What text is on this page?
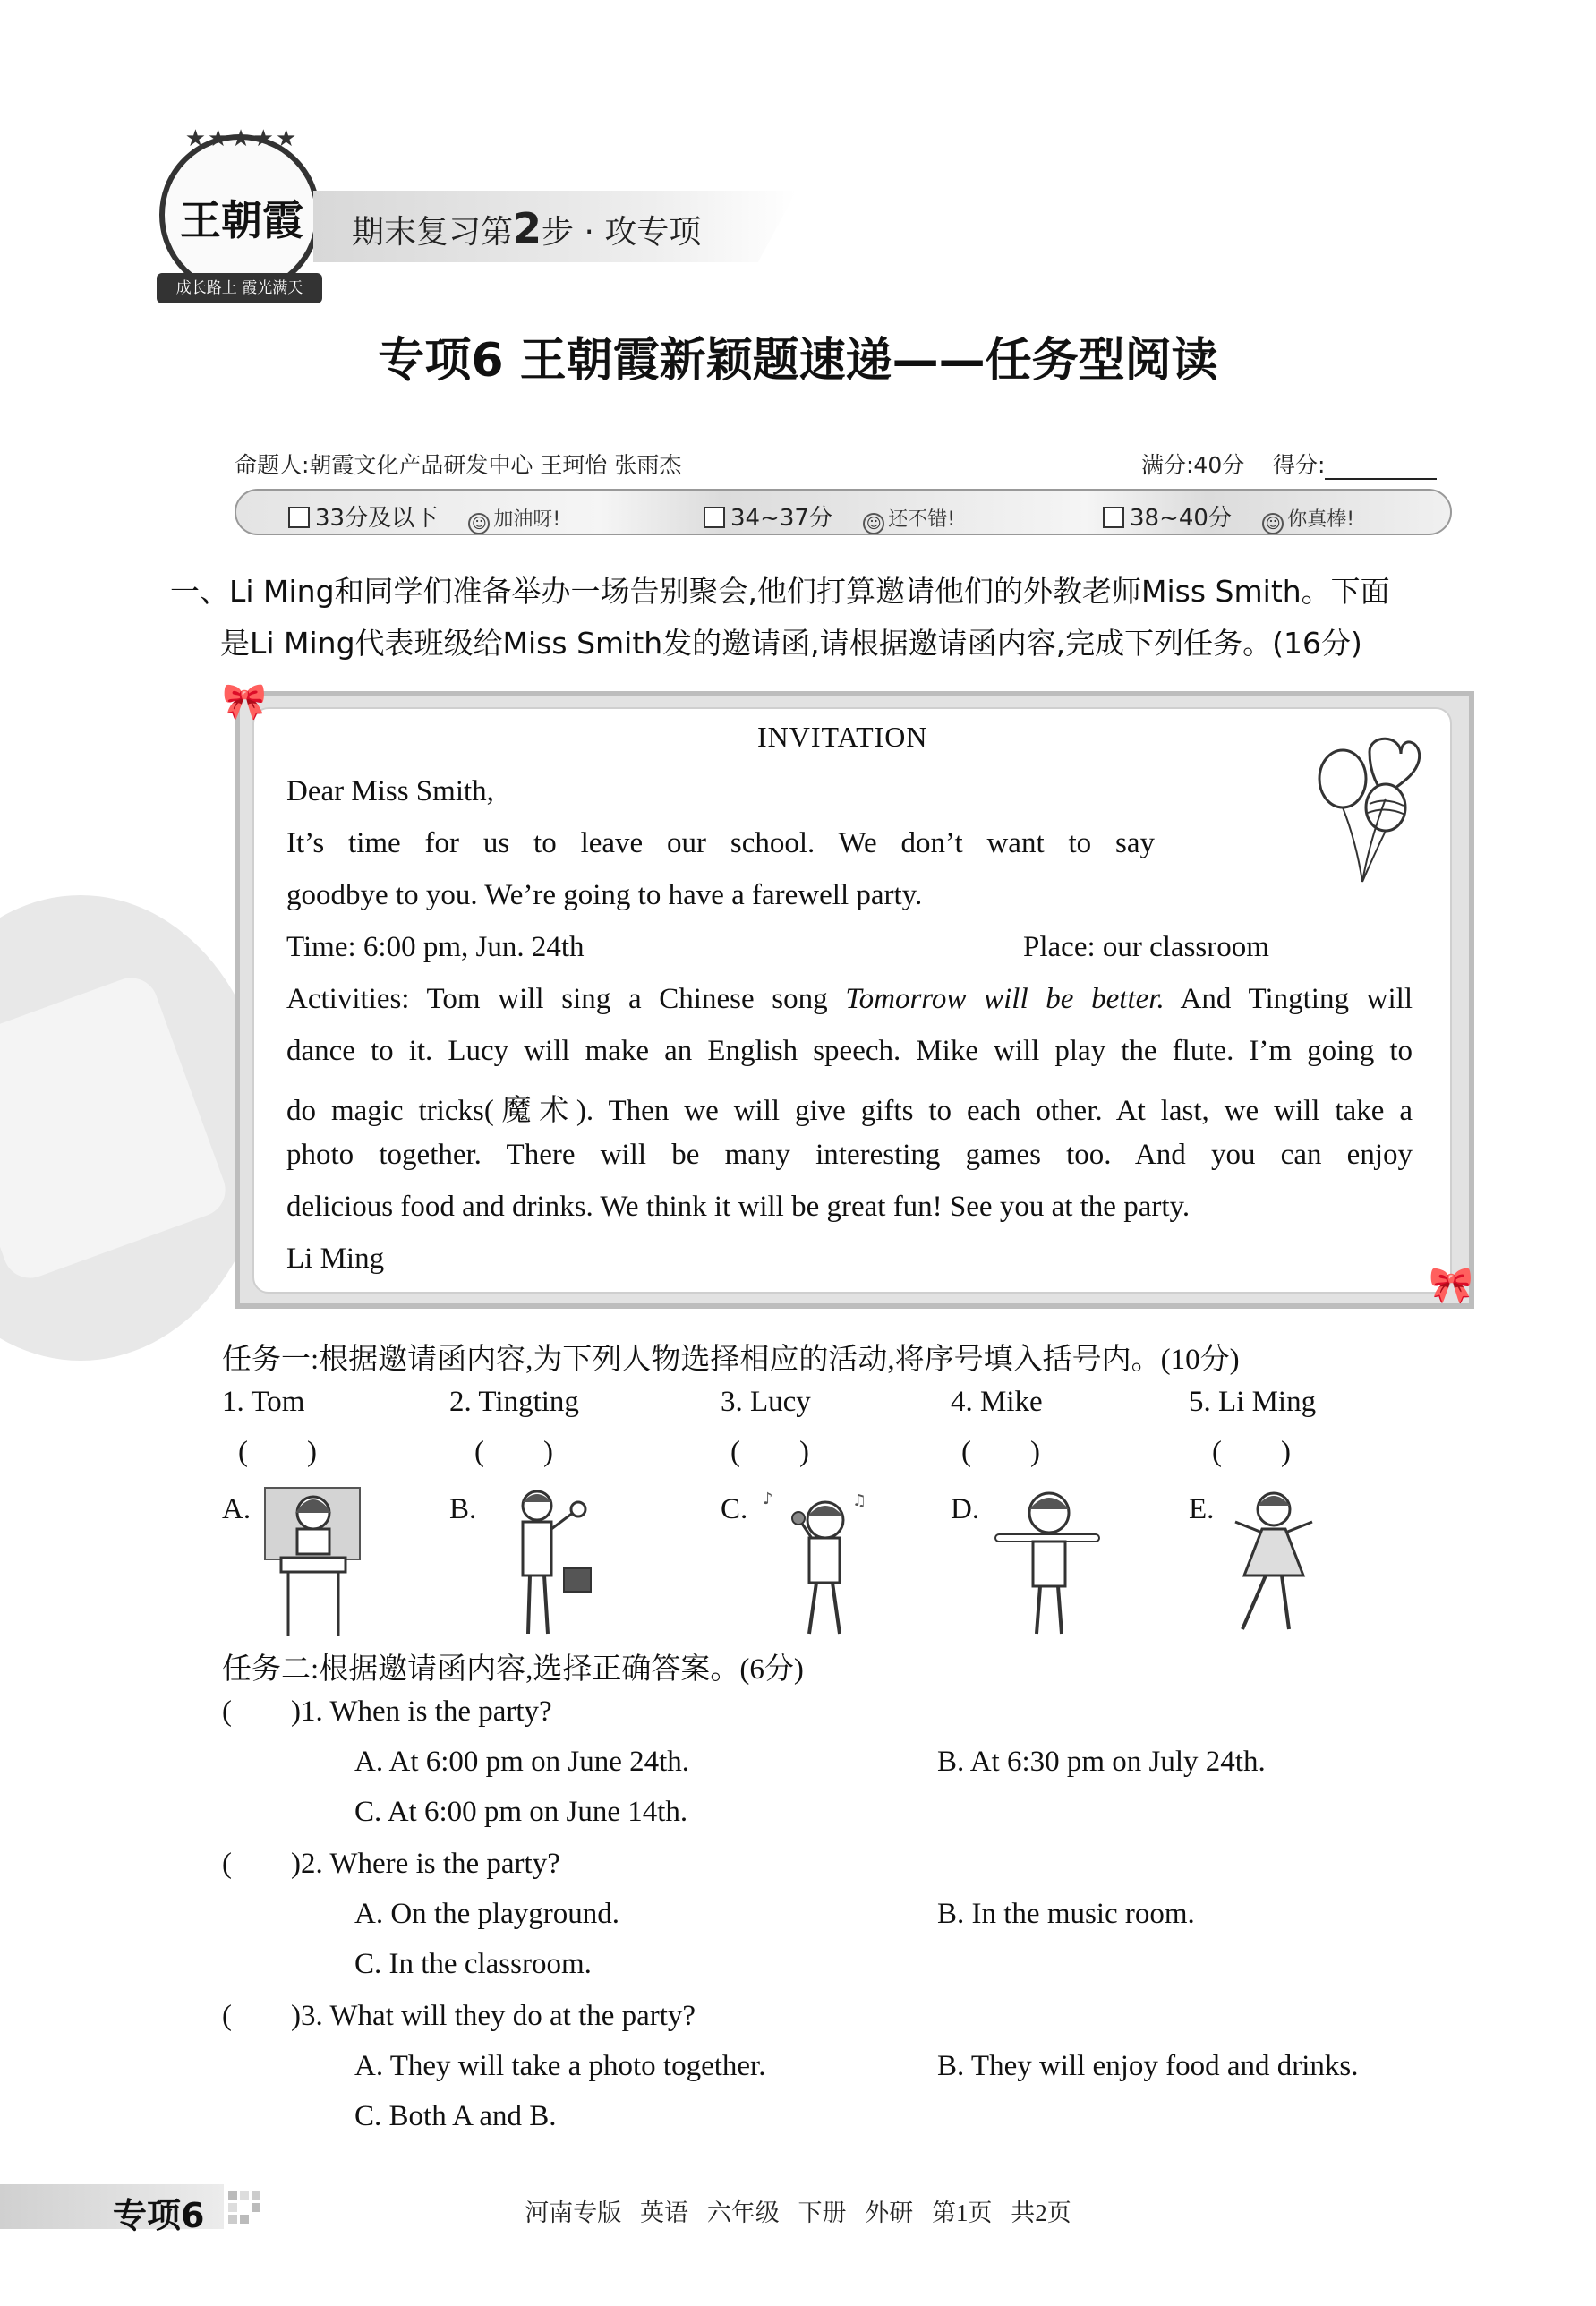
★★★★★
王朝霞
成长路上 霞光满天
期末复习第2步 · 攻专项
专项6 王朝霞新颖题速递——任务型阅读
命题人:朝霞文化产品研发中心 王珂怡 张雨杰	满分:40分 得分:
33分及以下 ☺ 加油呀!	34~37分 ☺ 还不错!	38~40分 ☺ 你真棒!
一、Li Ming和同学们准备举办一场告别聚会,他们打算邀请他们的外教老师Miss Smith。下面
是Li Ming代表班级给Miss Smith发的邀请函,请根据邀请函内容,完成下列任务。(16分)
🎀
🎀
INVITATION
Dear Miss Smith,
It’s time for us to leave our school. We don’t want to say
goodbye to you. We’re going to have a farewell party.
Time: 6:00 pm, Jun. 24th	Place: our classroom
Activities: Tom will sing a Chinese song Tomorrow will be better. And Tingting will
dance to it. Lucy will make an English speech. Mike will play the flute. I’m going to
do magic tricks(魔术). Then we will give gifts to each other. At last, we will take a
photo together. There will be many interesting games too. And you can enjoy
delicious food and drinks. We think it will be great fun! See you at the party.
Li Ming
任务一:根据邀请函内容,为下列人物选择相应的活动,将序号填入括号内。(10分)
1. Tom	2. Tingting	3. Lucy	4. Mike	5. Li Ming
(        )	(        )	(        )	(        )	(        )
A.	B.	C.	D.	E.
♪	♫
任务二:根据邀请函内容,选择正确答案。(6分)
(        )1. When is the party?
A. At 6:00 pm on June 24th.	B. At 6:30 pm on July 24th.
C. At 6:00 pm on June 14th.
(        )2. Where is the party?
A. On the playground.	B. In the music room.
C. In the classroom.
(        )3. What will they do at the party?
A. They will take a photo together.	B. They will enjoy food and drinks.
C. Both A and B.
专项6	河南专版 英语 六年级 下册 外研 第1页 共2页
